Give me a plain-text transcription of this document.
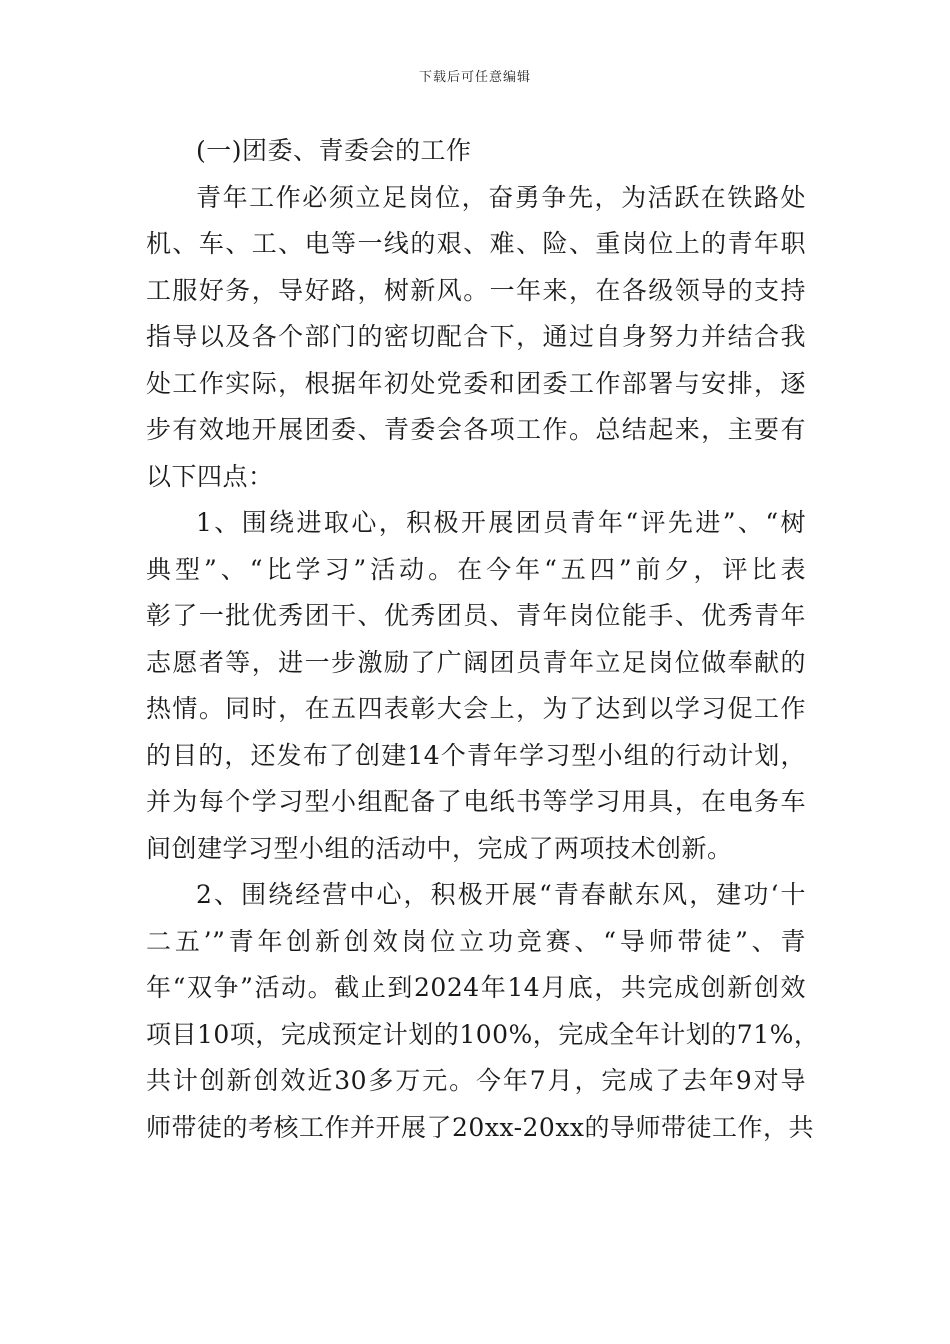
下载后可任意编辑
(一)团委、青委会的工作
青年工作必须立足岗位，奋勇争先，为活跃在铁路处
机、车、工、电等一线的艰、难、险、重岗位上的青年职
工服好务，导好路，树新风。一年来，在各级领导的支持
指导以及各个部门的密切配合下，通过自身努力并结合我
处工作实际，根据年初处党委和团委工作部署与安排，逐
步有效地开展团委、青委会各项工作。总结起来，主要有
以下四点：
1、围绕进取心，积极开展团员青年“评先进”、“树
典型”、“比学习”活动。在今年“五四”前夕，评比表
彰了一批优秀团干、优秀团员、青年岗位能手、优秀青年
志愿者等，进一步激励了广阔团员青年立足岗位做奉献的
热情。同时，在五四表彰大会上，为了达到以学习促工作
的目的，还发布了创建14个青年学习型小组的行动计划，
并为每个学习型小组配备了电纸书等学习用具，在电务车
间创建学习型小组的活动中，完成了两项技术创新。
2、围绕经营中心，积极开展“青春献东风，建功‘十
二五’”青年创新创效岗位立功竞赛、“导师带徒”、青
年“双争”活动。截止到2024年14月底，共完成创新创效
项目10项，完成预定计划的100%，完成全年计划的71%，
共计创新创效近30多万元。今年7月，完成了去年9对导
师带徒的考核工作并开展了20xx-20xx的导师带徒工作，共
